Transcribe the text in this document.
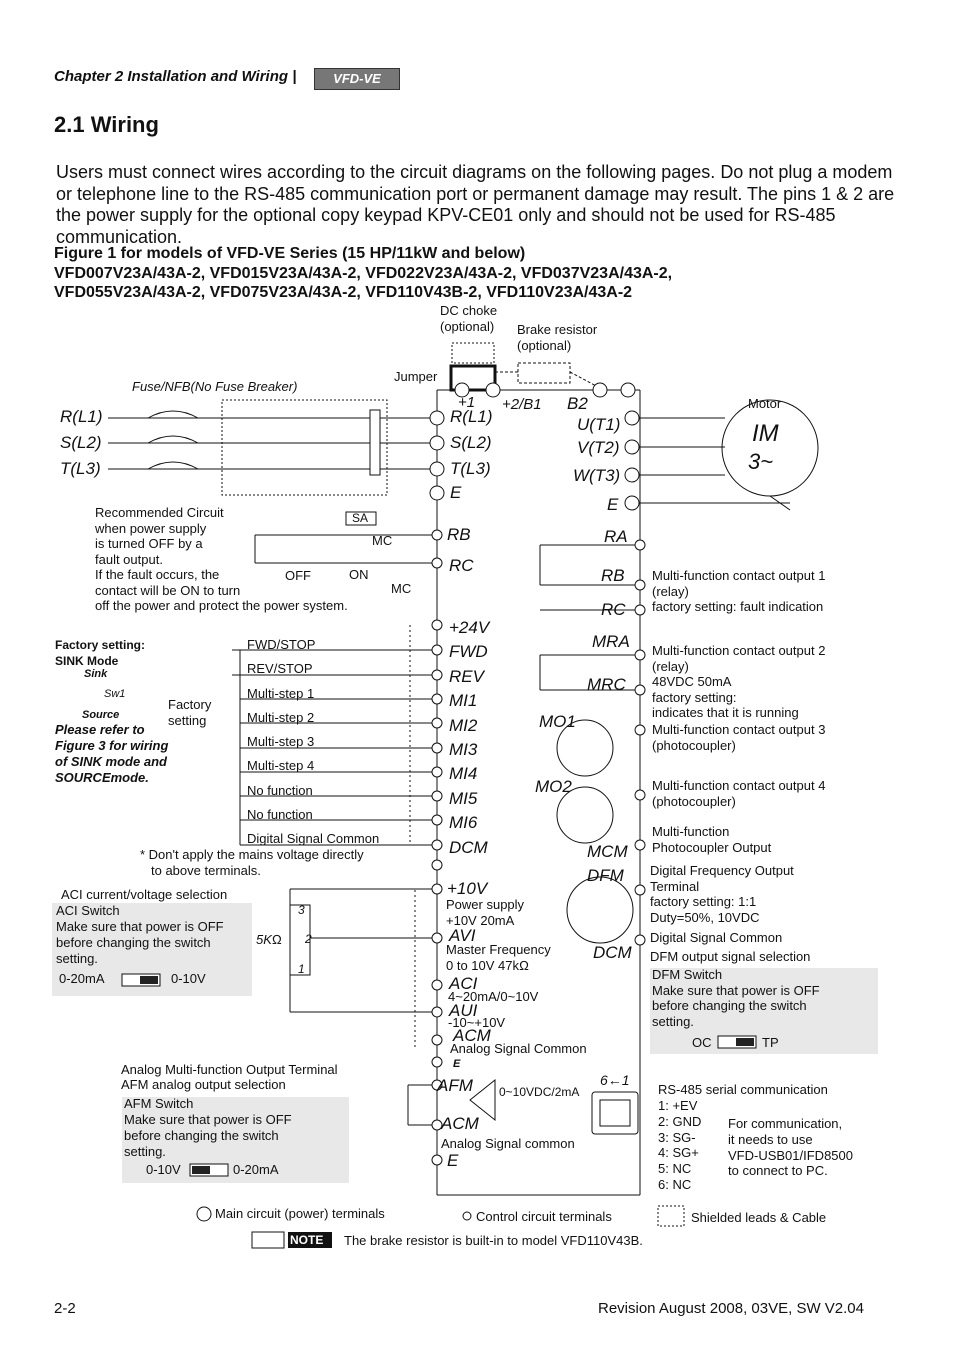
Chapter 2 Installation and Wiring |	VFD-VE
2.1 Wiring
Users must connect wires according to the circuit diagrams on the following pages. Do not plug a modem or telephone line to the RS-485 communication port or permanent damage may result. The pins 1 & 2 are the power supply for the optional copy keypad KPV-CE01 only and should not be used for RS-485 communication.
Figure 1 for models of VFD-VE Series (15 HP/11kW and below)
VFD007V23A/43A-2, VFD015V23A/43A-2, VFD022V23A/43A-2, VFD037V23A/43A-2,
VFD055V23A/43A-2, VFD075V23A/43A-2, VFD110V43B-2, VFD110V23A/43A-2
DC choke
(optional) Brake resistor
(optional)
Jumper
Fuse/NFB(No Fuse Breaker)
Motor
IM
3~
R(L1)
S(L2)
T(L3)
R(L1)
S(L2)
T(L3)
E
+1 +2/B1 B2
U(T1)
V(T2)
W(T3)
E
Recommended Circuit
when power supply
is turned OFF by a
fault output.
If the fault occurs, the
contact will be ON to turn
off the power and protect the power system.
SA
MC
OFF	ON
MC
RB
RC
+24V
FWD
REV
MI1
MI2
MI3
MI4
MI5
MI6
DCM
FWD/STOP
REV/STOP
Multi-step 1
Multi-step 2
Multi-step 3
Multi-step 4
No function
No function
Digital Signal Common
Factory setting:
SINK Mode
Sink
Sw1
Source
Please refer to
Figure 3 for wiring
of SINK mode and
SOURCEmode.
Factory
setting
* Don't apply the mains voltage directly
to above terminals.
ACI current/voltage selection
ACI Switch
Make sure that power is OFF
before changing the switch
setting.
0-20mA	0-10V
5KΩ
3
2
1
+10V
Power supply
+10V 20mA
AVI
Master Frequency
0 to 10V 47kΩ
ACI
4~20mA/0~10V
AUI
-10~+10V
ACM
Analog Signal Common
E
Analog Multi-function Output Terminal
AFM analog output selection
AFM Switch
Make sure that power is OFF
before changing the switch
setting.
0-10V	0-20mA
AFM 0~10VDC/2mA
ACM
Analog Signal common
E
RA
RB
RC
MRA
MRC
MO1
MO2
MCM
DFM
DCM
Multi-function contact output 1
(relay)
factory setting: fault indication
Multi-function contact output 2
(relay)
48VDC 50mA
factory setting:
indicates that it is running
Multi-function contact output 3
(photocoupler)
Multi-function contact output 4
(photocoupler)
Multi-function
Photocoupler Output
Digital Frequency Output
Terminal
factory setting: 1:1
Duty=50%, 10VDC
Digital Signal Common
DFM output signal selection
DFM Switch
Make sure that power is OFF
before changing the switch
setting.
OC	TP
6←1
RS-485 serial communication
1: +EV
2: GND
3: SG-
4: SG+
5: NC
6: NC
For communication,
it needs to use
VFD-USB01/IFD8500
to connect to PC.
Main circuit (power) terminals	Control circuit terminals	Shielded leads & Cable
NOTE The brake resistor is built-in to model VFD110V43B.
2-2	Revision August 2008, 03VE, SW V2.04
